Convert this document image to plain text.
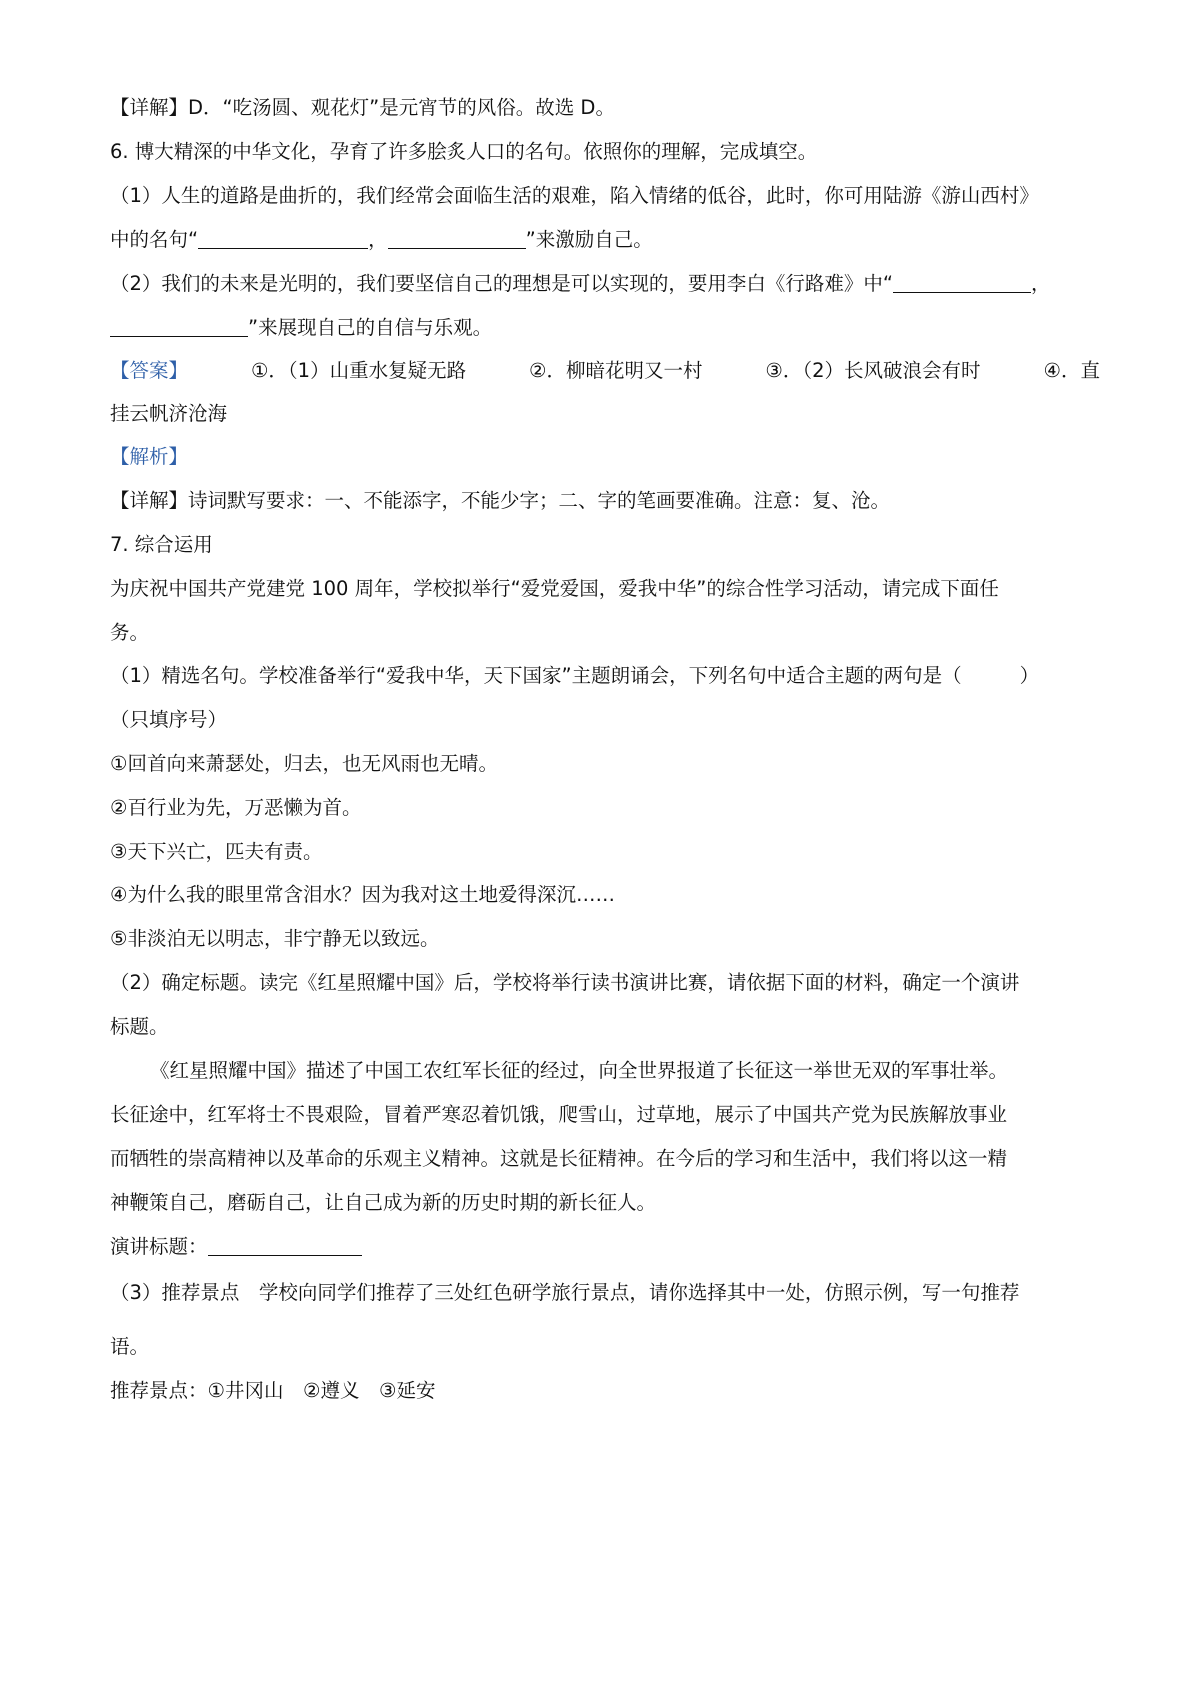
【详解】D．“吃汤圆、观花灯”是元宵节的风俗。故选 D。
6. 博大精深的中华文化，孕育了许多脍炙人口的名句。依照你的理解，完成填空。
（1）人生的道路是曲折的，我们经常会面临生活的艰难，陷入情绪的低谷，此时，你可用陆游《游山西村》
中的名句“	，	”来激励自己。
（2）我们的未来是光明的，我们要坚信自己的理想是可以实现的，要用李白《行路难》中“	，
”来展现自己的自信与乐观。
【答案】	①．（1）山重水复疑无路	②．柳暗花明又一村	③．（2）长风破浪会有时	④．直
挂云帆济沧海
【解析】
【详解】诗词默写要求：一、不能添字，不能少字；二、字的笔画要准确。注意：复、沧。
7. 综合运用
为庆祝中国共产党建党 100 周年，学校拟举行“爱党爱国，爱我中华”的综合性学习活动，请完成下面任
务。
（1）精选名句。学校准备举行“爱我中华，天下国家”主题朗诵会，下列名句中适合主题的两句是（	）
（只填序号）
①回首向来萧瑟处，归去，也无风雨也无晴。
②百行业为先，万恶懒为首。
③天下兴亡，匹夫有责。
④为什么我的眼里常含泪水？因为我对这土地爱得深沉……
⑤非淡泊无以明志，非宁静无以致远。
（2）确定标题。读完《红星照耀中国》后，学校将举行读书演讲比赛，请依据下面的材料，确定一个演讲
标题。
《红星照耀中国》描述了中国工农红军长征的经过，向全世界报道了长征这一举世无双的军事壮举。
长征途中，红军将士不畏艰险，冒着严寒忍着饥饿，爬雪山，过草地，展示了中国共产党为民族解放事业
而牺牲的崇高精神以及革命的乐观主义精神。这就是长征精神。在今后的学习和生活中，我们将以这一精
神鞭策自己，磨砺自己，让自己成为新的历史时期的新长征人。
演讲标题：
（3）推荐景点　学校向同学们推荐了三处红色研学旅行景点，请你选择其中一处，仿照示例，写一句推荐
语。
推荐景点：①井冈山　②遵义　③延安
